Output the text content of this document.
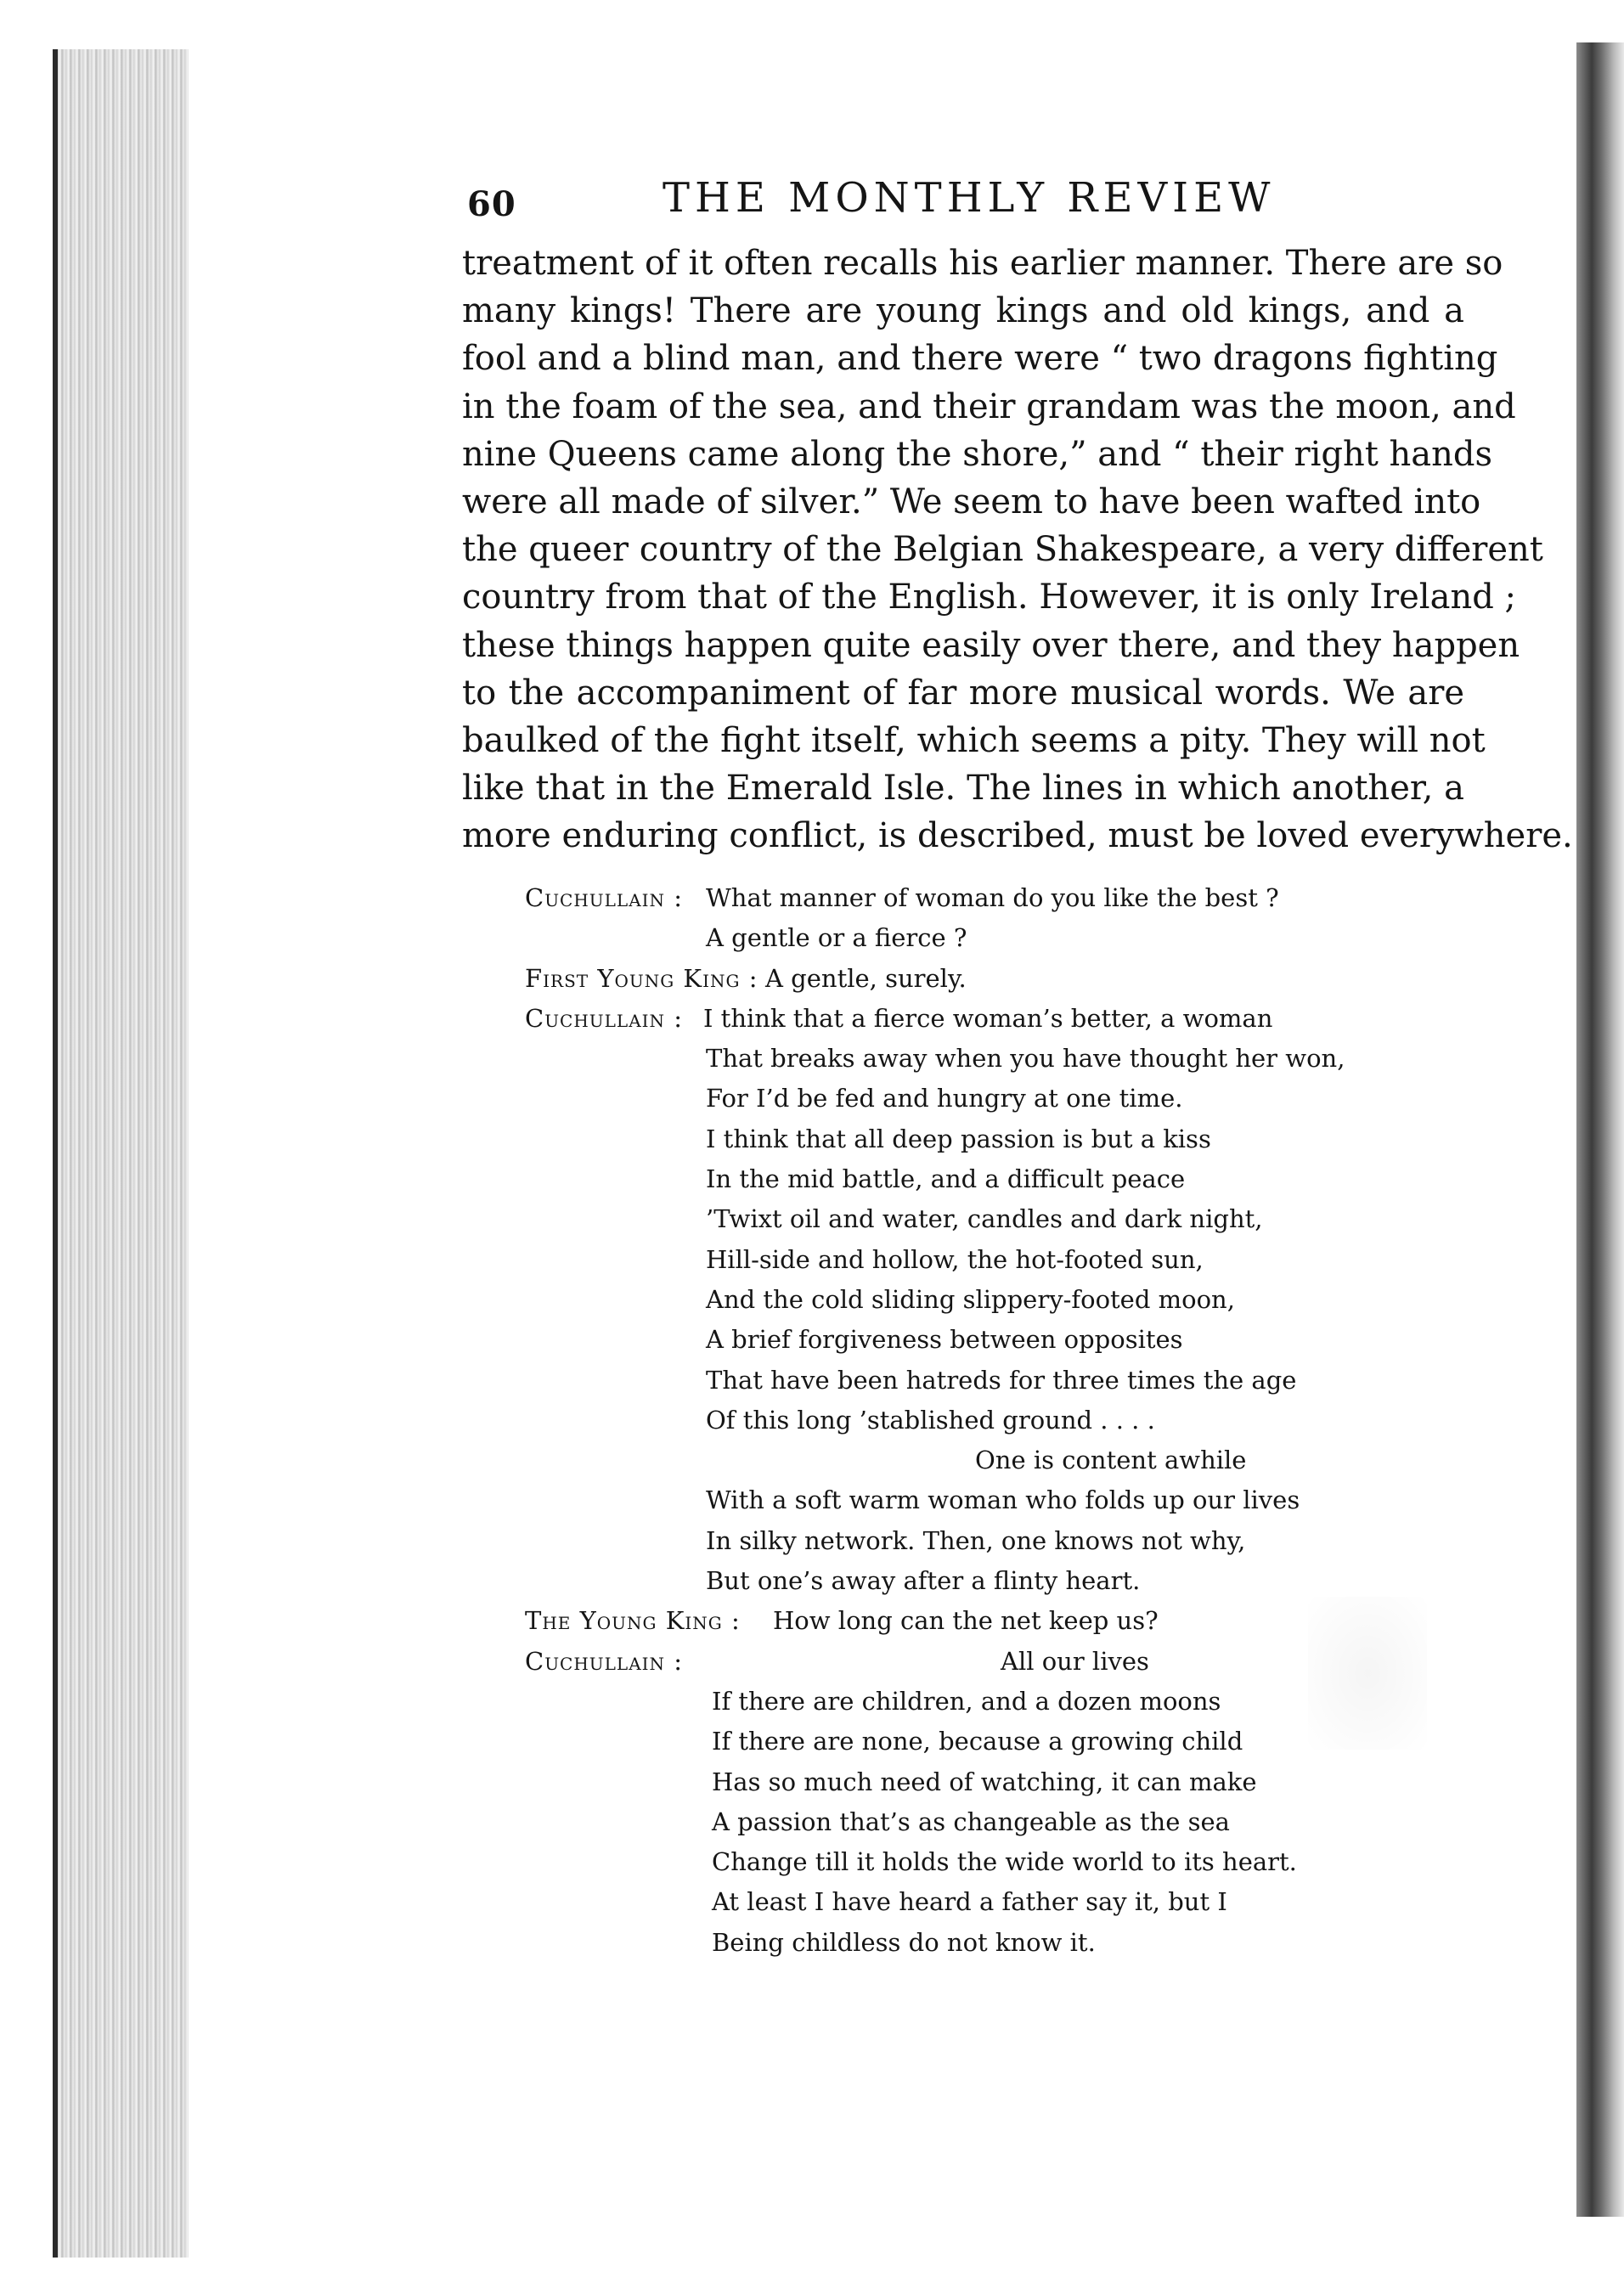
60	THE MONTHLY REVIEW
treatment of it often recalls his earlier manner. There are so
many kings! There are young kings and old kings, and a
fool and a blind man, and there were “ two dragons fighting
in the foam of the sea, and their grandam was the moon, and
nine Queens came along the shore,” and “ their right hands
were all made of silver.” We seem to have been wafted into
the queer country of the Belgian Shakespeare, a very different
country from that of the English. However, it is only Ireland ;
these things happen quite easily over there, and they happen
to the accompaniment of far more musical words. We are
baulked of the fight itself, which seems a pity. They will not
like that in the Emerald Isle. The lines in which another, a
more enduring conflict, is described, must be loved everywhere.
Cuchullain : What manner of woman do you like the best ?
A gentle or a fierce ?
First Young King : A gentle, surely.
Cuchullain : I think that a fierce woman’s better, a woman
That breaks away when you have thought her won,
For I’d be fed and hungry at one time.
I think that all deep passion is but a kiss
In the mid battle, and a difficult peace
’Twixt oil and water, candles and dark night,
Hill-side and hollow, the hot-footed sun,
And the cold sliding slippery-footed moon,
A brief forgiveness between opposites
That have been hatreds for three times the age
Of this long ’stablished ground . . . .
One is content awhile
With a soft warm woman who folds up our lives
In silky network. Then, one knows not why,
But one’s away after a flinty heart.
The Young King : How long can the net keep us?
Cuchullain :	All our lives
If there are children, and a dozen moons
If there are none, because a growing child
Has so much need of watching, it can make
A passion that’s as changeable as the sea
Change till it holds the wide world to its heart.
At least I have heard a father say it, but I
Being childless do not know it.
